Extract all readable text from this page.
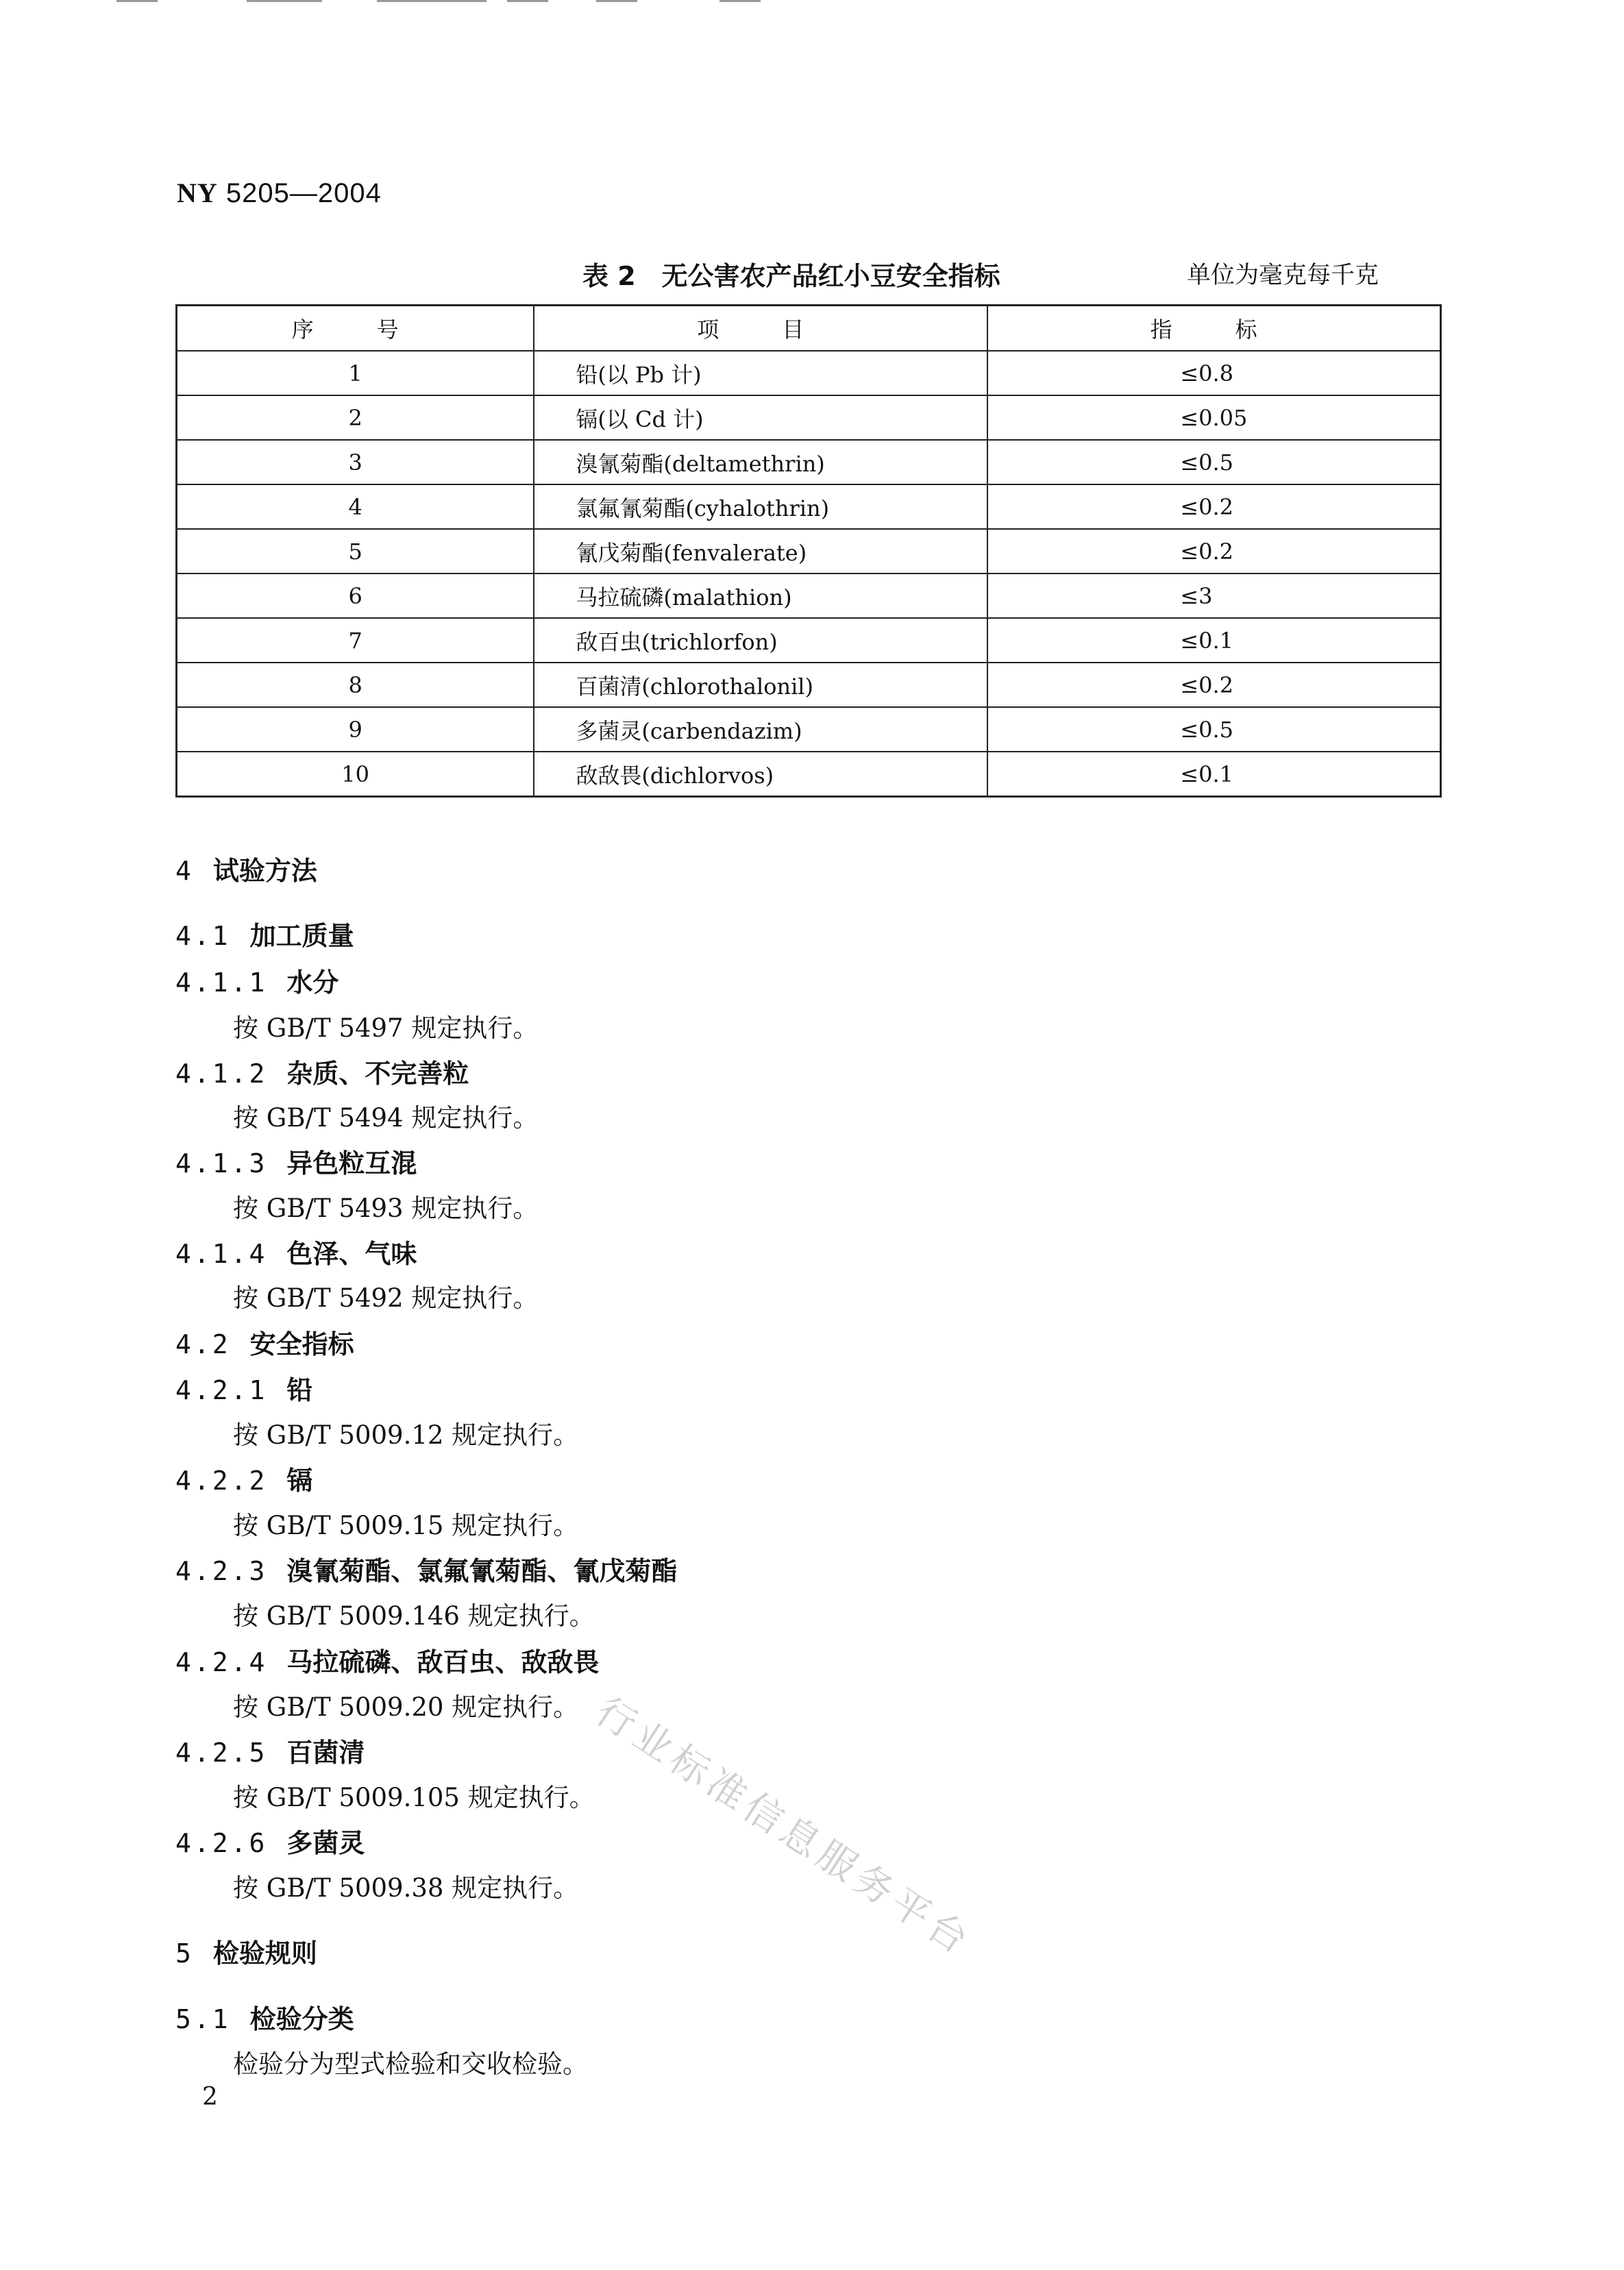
NY 5205—2004
表 2　无公害农产品红小豆安全指标	单位为毫克每千克
序　号	项　目	指　标
1	铅(以 Pb 计)	≤0.8
2	镉(以 Cd 计)	≤0.05
3	溴氰菊酯(deltamethrin)	≤0.5
4	氯氟氰菊酯(cyhalothrin)	≤0.2
5	氰戊菊酯(fenvalerate)	≤0.2
6	马拉硫磷(malathion)	≤3
7	敌百虫(trichlorfon)	≤0.1
8	百菌清(chlorothalonil)	≤0.2
9	多菌灵(carbendazim)	≤0.5
10	敌敌畏(dichlorvos)	≤0.1
4 试验方法
4.1 加工质量
4.1.1 水分
按 GB/T 5497 规定执行。
4.1.2 杂质、不完善粒
按 GB/T 5494 规定执行。
4.1.3 异色粒互混
按 GB/T 5493 规定执行。
4.1.4 色泽、气味
按 GB/T 5492 规定执行。
4.2 安全指标
4.2.1 铅
按 GB/T 5009.12 规定执行。
4.2.2 镉
按 GB/T 5009.15 规定执行。
4.2.3 溴氰菊酯、氯氟氰菊酯、氰戊菊酯
按 GB/T 5009.146 规定执行。
4.2.4 马拉硫磷、敌百虫、敌敌畏
按 GB/T 5009.20 规定执行。
4.2.5 百菌清
按 GB/T 5009.105 规定执行。
4.2.6 多菌灵
按 GB/T 5009.38 规定执行。
5 检验规则
5.1 检验分类
检验分为型式检验和交收检验。
2
行业标准信息服务平台
